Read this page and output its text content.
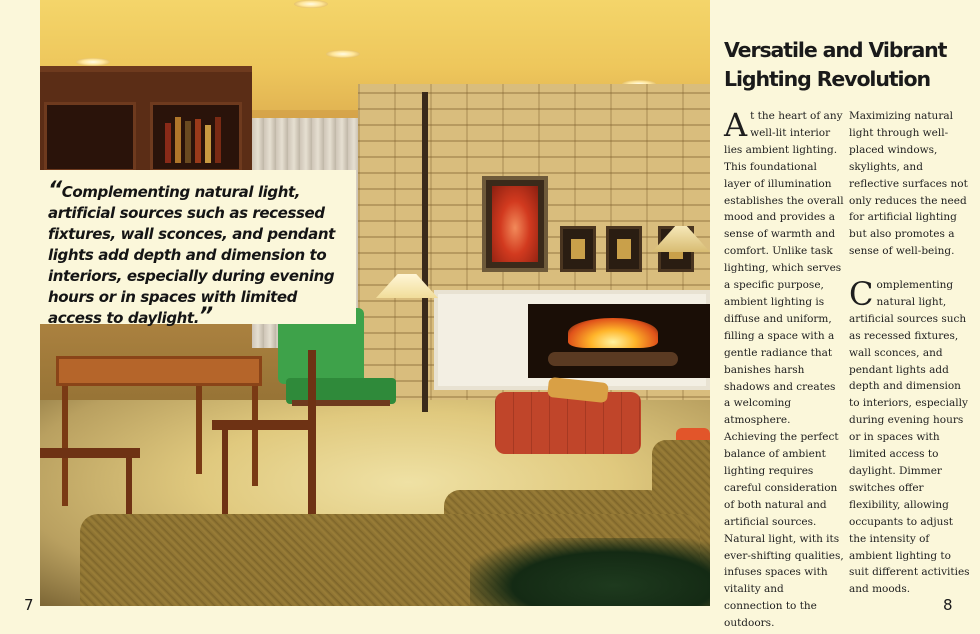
“Complementing natural light, artificial sources such as recessed fixtures, wall sconces, and pendant lights add depth and dimension to interiors, especially during evening hours or in spaces with limited access to daylight.”

Versatile and Vibrant Lighting Revolution

At the heart of any well-lit interior lies ambient lighting. This foundational layer of illumination establishes the overall mood and provides a sense of warmth and comfort. Unlike task lighting, which serves a specific purpose, ambient lighting is diffuse and uniform, filling a space with a gentle radiance that banishes harsh shadows and creates a welcoming atmosphere. Achieving the perfect balance of ambient lighting requires careful consideration of both natural and artificial sources. Natural light, with its ever-shifting qualities, infuses spaces with vitality and connection to the outdoors.

Maximizing natural light through well-placed windows, skylights, and reflective surfaces not only reduces the need for artificial lighting but also promotes a sense of well-being.

Complementing natural light, artificial sources such as recessed fixtures, wall sconces, and pendant lights add depth and dimension to interiors, especially during evening hours or in spaces with limited access to daylight. Dimmer switches offer flexibility, allowing occupants to adjust the intensity of ambient lighting to suit different activities and moods.

7	8
